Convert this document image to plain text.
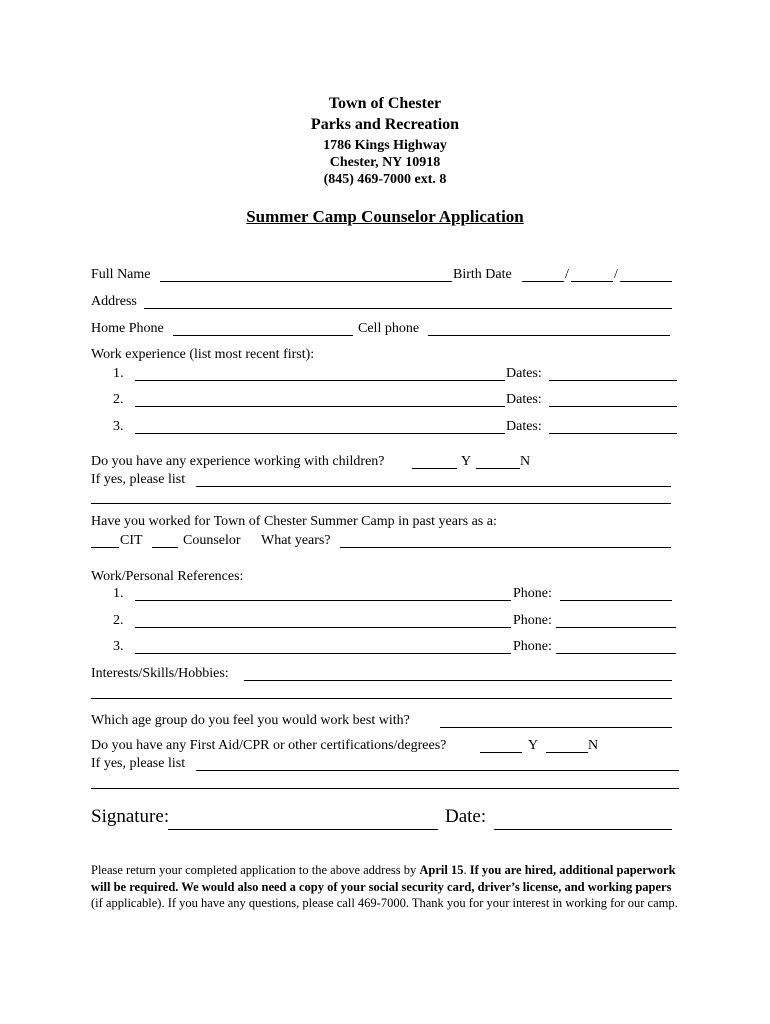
Town of Chester
Parks and Recreation
1786 Kings Highway
Chester, NY 10918
(845) 469-7000 ext. 8
Summer Camp Counselor Application
Full Name	Birth Date	/	/
Address
Home Phone	Cell phone
Work experience (list most recent first):
1.	Dates:
2.	Dates:
3.	Dates:
Do you have any experience working with children?	Y	N
If yes, please list
Have you worked for Town of Chester Summer Camp in past years as a:
CIT	Counselor What years?
Work/Personal References:
1.	Phone:
2.	Phone:
3.	Phone:
Interests/Skills/Hobbies:
Which age group do you feel you would work best with?
Do you have any First Aid/CPR or other certifications/degrees?	Y	N
If yes, please list
Signature:	Date:
Please return your completed application to the above address by April 15. If you are hired, additional paperwork will be required. We would also need a copy of your social security card, driver’s license, and working papers (if applicable). If you have any questions, please call 469-7000. Thank you for your interest in working for our camp.
